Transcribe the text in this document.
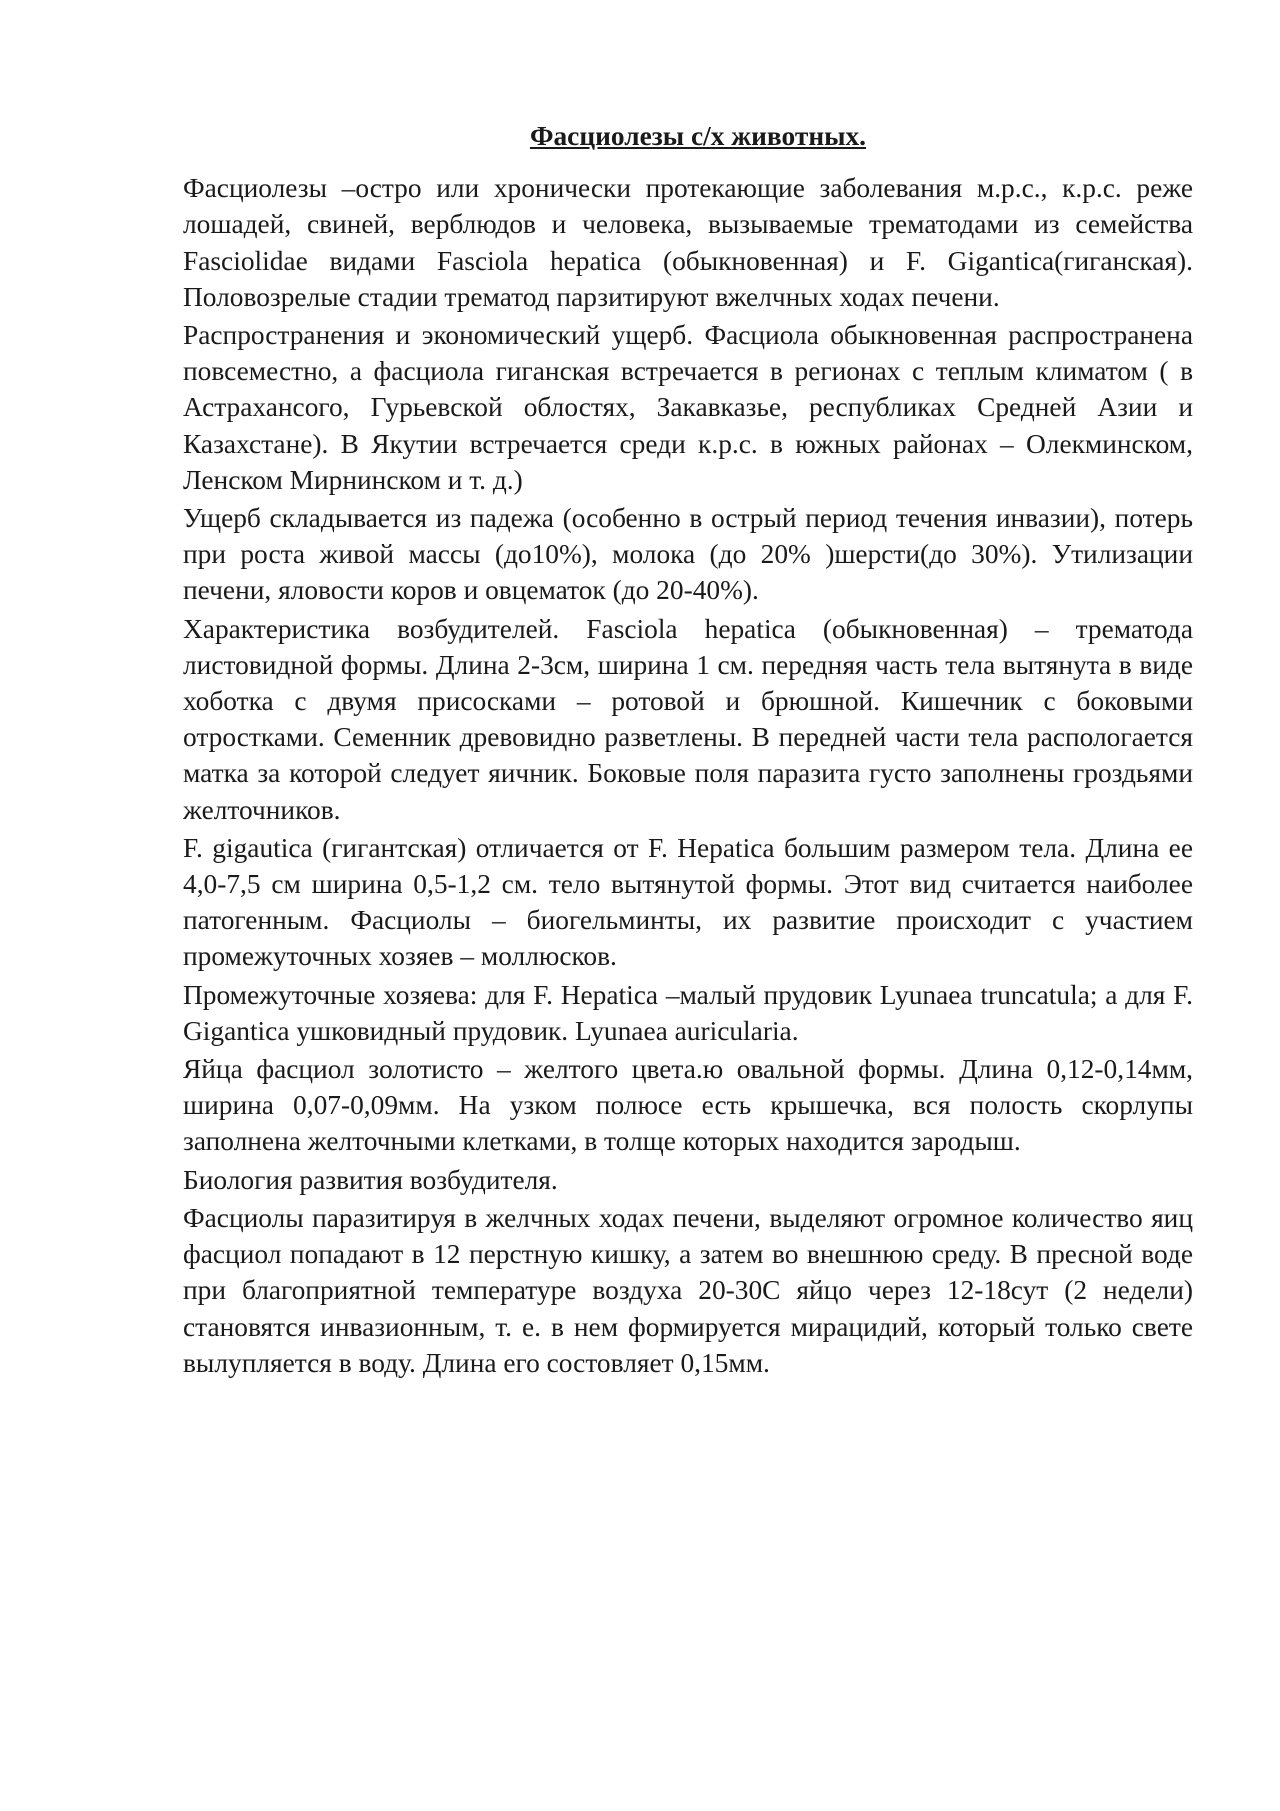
Фасциолезы с/х животных.
Фасциолезы –остро или хронически протекающие заболевания м.р.с., к.р.с. реже лошадей, свиней, верблюдов и человека, вызываемые трематодами из семейства Fasciolidae видами Fasciola hepatica (обыкновенная) и F. Gigantica(гиганская). Половозрелые стадии трематод парзитируют вжелчных ходах печени.
Распространения и экономический ущерб. Фасциола обыкновенная распространена повсеместно, а фасциола гиганская встречается в регионах с теплым климатом ( в Астрахансого, Гурьевской облостях, Закавказье, республиках Средней Азии и Казахстане). В Якутии встречается среди к.р.с. в южных районах – Олекминском, Ленском Мирнинском и т. д.)
Ущерб складывается из падежа (особенно в острый период течения инвазии), потерь при роста живой массы (до10%), молока (до 20% )шерсти(до 30%). Утилизации печени, яловости коров и овцематок (до 20-40%).
Характеристика возбудителей. Fasciola hepatica (обыкновенная) – трематода листовидной формы. Длина 2-3см, ширина 1 см. передняя часть тела вытянута в виде хоботка с двумя присосками – ротовой и брюшной. Кишечник с боковыми отростками. Семенник древовидно разветлены. В передней части тела распологается матка за которой следует яичник. Боковые поля паразита густо заполнены гроздьями желточников.
F. gigautica (гигантская) отличается от F. Hepatica большим размером тела. Длина ее 4,0-7,5 см ширина 0,5-1,2 см. тело вытянутой формы. Этот вид считается наиболее патогенным. Фасциолы – биогельминты, их развитие происходит с участием промежуточных хозяев – моллюсков.
Промежуточные хозяева: для F. Hepatica –малый прудовик Lyunaea truncatula; а для F. Gigantica ушковидный прудовик. Lyunaea auricularia.
Яйца фасциол золотисто – желтого цвета.ю овальной формы. Длина 0,12-0,14мм, ширина 0,07-0,09мм. На узком полюсе есть крышечка, вся полость скорлупы заполнена желточными клетками, в толще которых находится зародыш.
Биология развития возбудителя.
Фасциолы паразитируя в желчных ходах печени, выделяют огромное количество яиц фасциол попадают в 12 перстную кишку, а затем во внешнюю среду. В пресной воде при благоприятной температуре воздуха 20-30С яйцо через 12-18сут (2 недели) становятся инвазионным, т. е. в нем формируется мирацидий, который только свете вылупляется в воду. Длина его состовляет 0,15мм.
